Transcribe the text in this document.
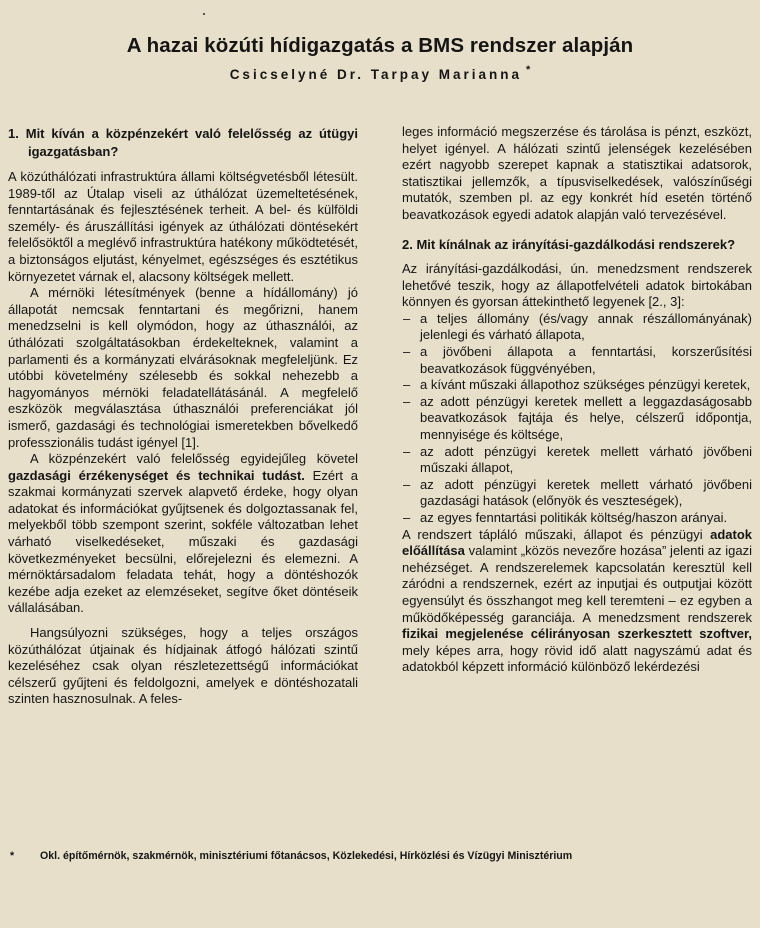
A hazai közúti hídigazgatás a BMS rendszer alapján
Csicselyné Dr. Tarpay Marianna *
1. Mit kíván a közpénzekért való felelősség az útügyi igazgatásban?

A közúthálózati infrastruktúra állami költségvetésből létesült. 1989-től az Útalap viseli az úthálózat üzemeltetésének, fenntartásának és fejlesztésének terheit. A bel- és külföldi személy- és áruszállítási igények az úthálózati döntésekért felelősöktől a meglévő infrastruktúra hatékony működtetését, a biztonságos eljutást, kényelmet, egészséges és esztétikus környezetet várnak el, alacsony költségek mellett.

A mérnöki létesítmények (benne a hídállomány) jó állapotát nemcsak fenntartani és megőrizni, hanem menedzselni is kell olymódon, hogy az úthasználói, az úthálózati szolgáltatásokban érdekelteknek, valamint a parlamenti és a kormányzati elvárásoknak megfeleljünk. Ez utóbbi követelmény szélesebb és sokkal nehezebb a hagyományos mérnöki feladatellátásánál. A megfelelő eszközök megválasztása úthasználói preferenciákat jól ismerő, gazdasági és technológiai ismeretekben bővelkedő professzionális tudást igényel [1].

A közpénzekért való felelősség egyidejűleg követel gazdasági érzékenységet és technikai tudást. Ezért a szakmai kormányzati szervek alapvető érdeke, hogy olyan adatokat és információkat gyűjtsenek és dolgoztassanak fel, melyekből több szempont szerint, sokféle változatban lehet várható viselkedéseket, műszaki és gazdasági következményeket becsülni, előrejelezni és elemezni. A mérnöktársadalom feladata tehát, hogy a döntéshozók kezébe adja ezeket az elemzéseket, segítve őket döntéseik vállalásában.

Hangsúlyozni szükséges, hogy a teljes országos közúthálózat útjainak és hídjainak átfogó hálózati szintű kezeléséhez csak olyan részletezettségű információkat célszerű gyűjteni és feldolgozni, amelyek e döntéshozatali szinten hasznosulnak. A feles-

leges információ megszerzése és tárolása is pénzt, eszközt, helyet igényel. A hálózati szintű jelenségek kezelésében ezért nagyobb szerepet kapnak a statisztikai adatsorok, statisztikai jellemzők, a típusviselkedések, valószínűségi mutatók, szemben pl. az egy konkrét híd esetén történő beavatkozások egyedi adatok alapján való tervezésével.

2. Mit kínálnak az irányítási-gazdálkodási rendszerek?

Az irányítási-gazdálkodási, ún. menedzsment rendszerek lehetővé teszik, hogy az állapotfelvételi adatok birtokában könnyen és gyorsan áttekinthető legyenek [2., 3]:

– a teljes állomány (és/vagy annak részállományának) jelenlegi és várható állapota,
– a jövőbeni állapota a fenntartási, korszerűsítési beavatkozások függvényében,
– a kívánt műszaki állapothoz szükséges pénzügyi keretek,
– az adott pénzügyi keretek mellett a leggazdaságosabb beavatkozások fajtája és helye, célszerű időpontja, mennyisége és költsége,
– az adott pénzügyi keretek mellett várható jövőbeni műszaki állapot,
– az adott pénzügyi keretek mellett várható jövőbeni gazdasági hatások (előnyök és veszteségek),
– az egyes fenntartási politikák költség/haszon arányai.

A rendszert tápláló műszaki, állapot és pénzügyi adatok előállítása valamint „közös nevezőre hozása” jelenti az igazi nehézséget. A rendszerelemek kapcsolatán keresztül kell záródni a rendszernek, ezért az inputjai és outputjai között egyensúlyt és összhangot meg kell teremteni – ez egyben a működőképesség garanciája. A menedzsment rendszerek fizikai megjelenése célirányosan szerkesztett szoftver, mely képes arra, hogy rövid idő alatt nagyszámú adat és adatokból képzett információ különböző lekérdezési

* Okl. építőmérnök, szakmérnök, minisztériumi főtanácsos, Közlekedési, Hírközlési és Vízügyi Minisztérium
